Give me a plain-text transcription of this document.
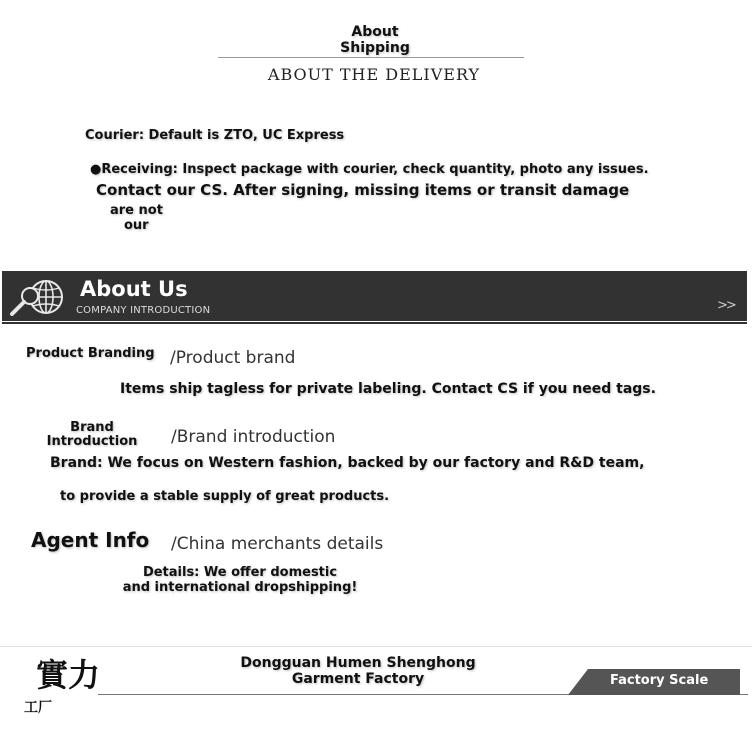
About
Shipping
ABOUT THE DELIVERY
Courier: Default is ZTO, UC Express
●Receiving: Inspect package with courier, check quantity, photo any issues.
Contact our CS. After signing, missing items or transit damage
are not
our
About Us
COMPANY INTRODUCTION	>>
Product Branding /Product brand
Items ship tagless for private labeling. Contact CS if you need tags.
Brand
Introduction /Brand introduction
Brand: We focus on Western fashion, backed by our factory and R&D team,
to provide a stable supply of great products.
Agent Info /China merchants details
Details: We offer domestic
and international dropshipping!
實力
工厂
Dongguan Humen Shenghong
Garment Factory	Factory Scale
